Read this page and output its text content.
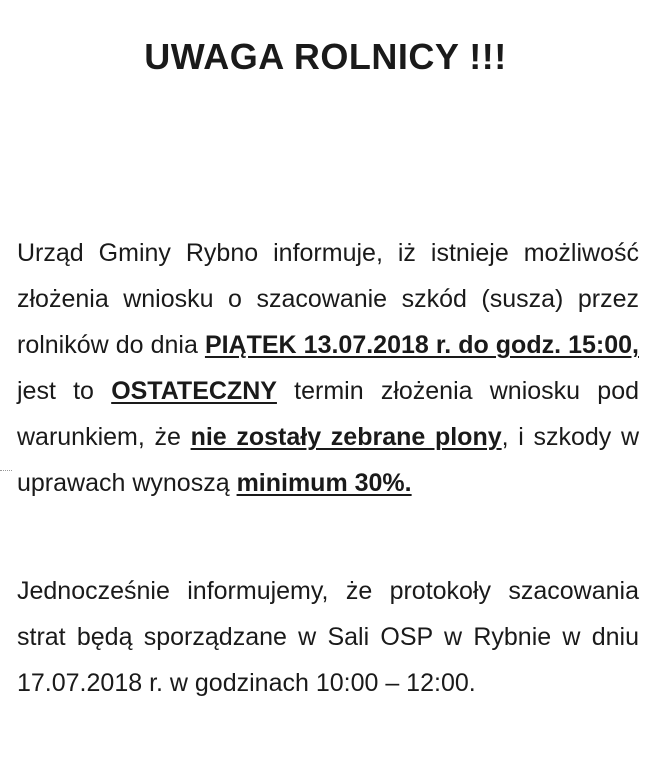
UWAGA ROLNICY !!!
Urząd Gminy Rybno informuje, iż istnieje możliwość złożenia wniosku o szacowanie szkód (susza) przez rolników do dnia PIĄTEK 13.07.2018 r. do godz. 15:00, jest to OSTATECZNY termin złożenia wniosku pod warunkiem, że nie zostały zebrane plony, i szkody w uprawach wynoszą minimum 30%.
Jednocześnie informujemy, że protokoły szacowania strat będą sporządzane w Sali OSP w Rybnie w dniu 17.07.2018 r. w godzinach 10:00 – 12:00.
